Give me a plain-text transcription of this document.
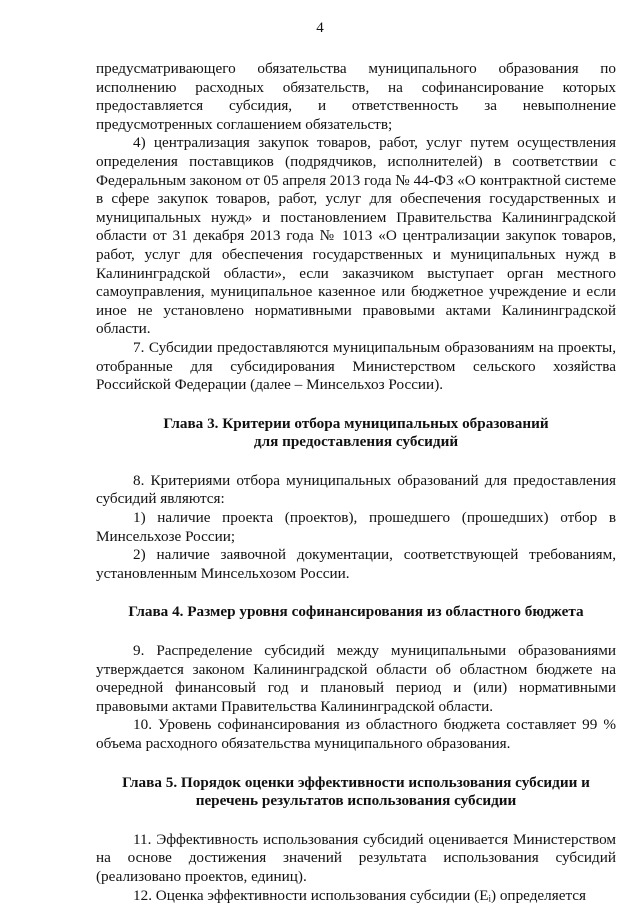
4

предусматривающего обязательства муниципального образования по исполнению расходных обязательств, на софинансирование которых предоставляется субсидия, и ответственность за невыполнение предусмотренных соглашением обязательств;

4) централизация закупок товаров, работ, услуг путем осуществления определения поставщиков (подрядчиков, исполнителей) в соответствии с Федеральным законом от 05 апреля 2013 года № 44-ФЗ «О контрактной системе в сфере закупок товаров, работ, услуг для обеспечения государственных и муниципальных нужд» и постановлением Правительства Калининградской области от 31 декабря 2013 года № 1013 «О централизации закупок товаров, работ, услуг для обеспечения государственных и муниципальных нужд в Калининградской области», если заказчиком выступает орган местного самоуправления, муниципальное казенное или бюджетное учреждение и если иное не установлено нормативными правовыми актами Калининградской области.

7. Субсидии предоставляются муниципальным образованиям на проекты, отобранные для субсидирования Министерством сельского хозяйства Российской Федерации (далее – Минсельхоз России).

Глава 3. Критерии отбора муниципальных образований
для предоставления субсидий

8. Критериями отбора муниципальных образований для предоставления субсидий являются:

1) наличие проекта (проектов), прошедшего (прошедших) отбор в Минсельхозе России;

2) наличие заявочной документации, соответствующей требованиям, установленным Минсельхозом России.

Глава 4. Размер уровня софинансирования из областного бюджета

9. Распределение субсидий между муниципальными образованиями утверждается законом Калининградской области об областном бюджете на очередной финансовый год и плановый период и (или) нормативными правовыми актами Правительства Калининградской области.

10. Уровень софинансирования из областного бюджета составляет 99 % объема расходного обязательства муниципального образования.

Глава 5. Порядок оценки эффективности использования субсидии и
перечень результатов использования субсидии

11. Эффективность использования субсидий оценивается Министерством на основе достижения значений результата использования субсидий (реализовано проектов, единиц).

12. Оценка эффективности использования субсидии (Eᵢ) определяется
